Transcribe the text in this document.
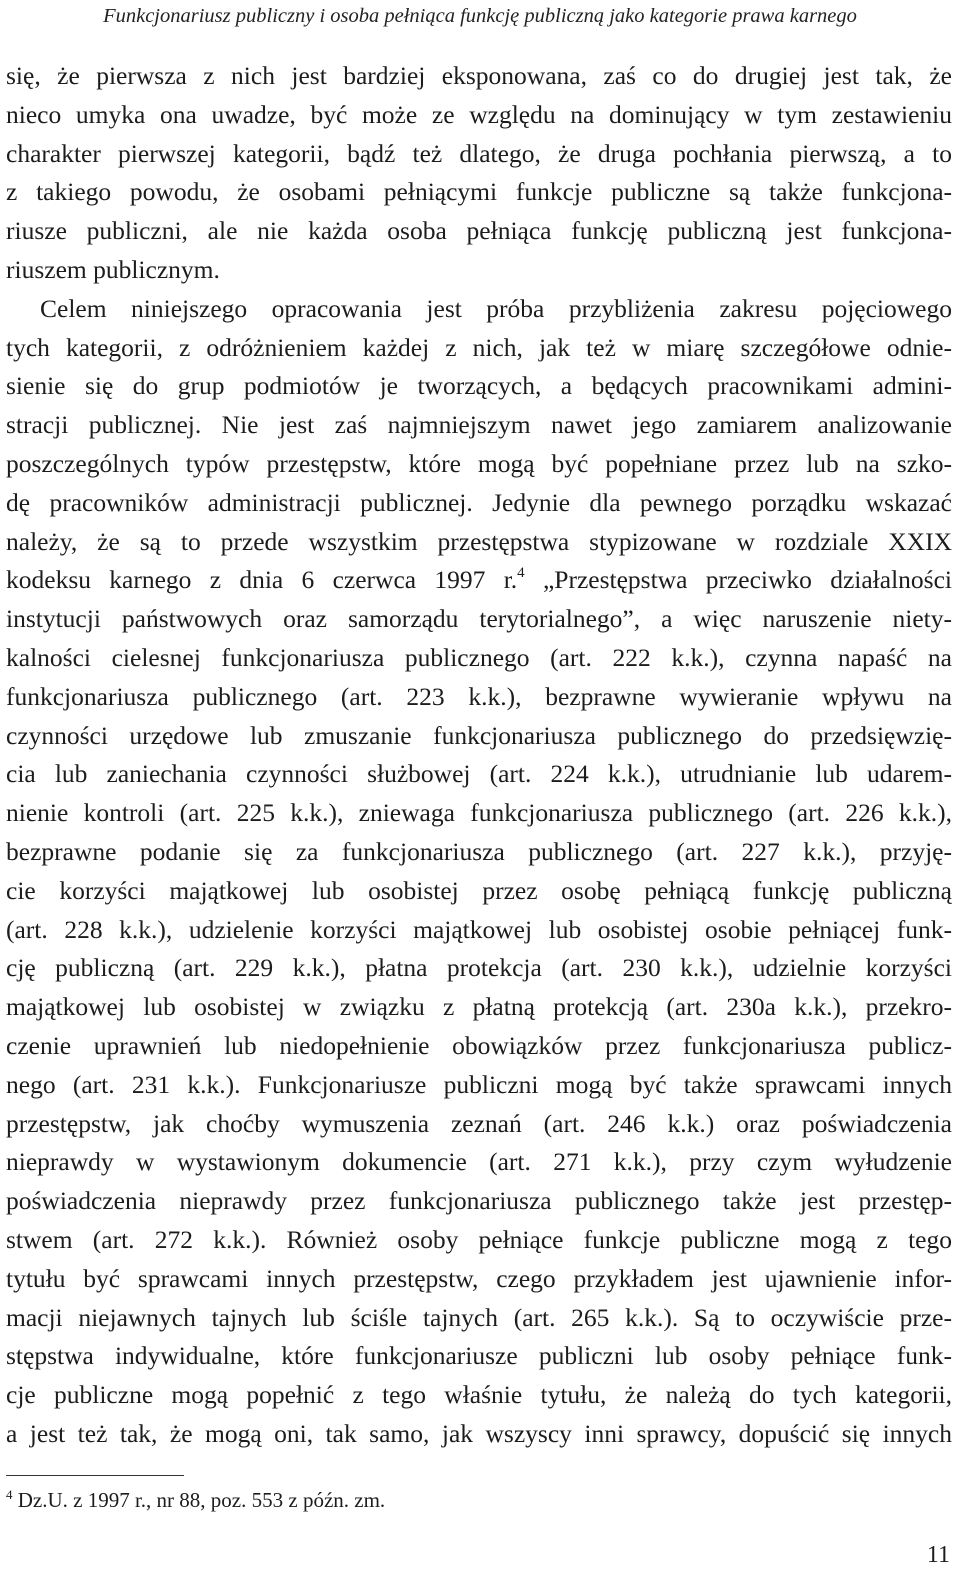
Funkcjonariusz publiczny i osoba pełniąca funkcję publiczną jako kategorie prawa karnego
się, że pierwsza z nich jest bardziej eksponowana, zaś co do drugiej jest tak, że
nieco umyka ona uwadze, być może ze względu na dominujący w tym zestawieniu
charakter pierwszej kategorii, bądź też dlatego, że druga pochłania pierwszą, a to
z takiego powodu, że osobami pełniącymi funkcje publiczne są także funkcjona-
riusze publiczni, ale nie każda osoba pełniąca funkcję publiczną jest funkcjona-
riuszem publicznym.
Celem niniejszego opracowania jest próba przybliżenia zakresu pojęciowego
tych kategorii, z odróżnieniem każdej z nich, jak też w miarę szczegółowe odnie-
sienie się do grup podmiotów je tworzących, a będących pracownikami admini-
stracji publicznej. Nie jest zaś najmniejszym nawet jego zamiarem analizowanie
poszczególnych typów przestępstw, które mogą być popełniane przez lub na szko-
dę pracowników administracji publicznej. Jedynie dla pewnego porządku wskazać
należy, że są to przede wszystkim przestępstwa stypizowane w rozdziale XXIX
kodeksu karnego z dnia 6 czerwca 1997 r.$^4$ „Przestępstwa przeciwko działalności
instytucji państwowych oraz samorządu terytorialnego”, a więc naruszenie niety-
kalności cielesnej funkcjonariusza publicznego (art. 222 k.k.), czynna napaść na
funkcjonariusza publicznego (art. 223 k.k.), bezprawne wywieranie wpływu na
czynności urzędowe lub zmuszanie funkcjonariusza publicznego do przedsięwzię-
cia lub zaniechania czynności służbowej (art. 224 k.k.), utrudnianie lub udarem-
nienie kontroli (art. 225 k.k.), zniewaga funkcjonariusza publicznego (art. 226 k.k.),
bezprawne podanie się za funkcjonariusza publicznego (art. 227 k.k.), przyję-
cie korzyści majątkowej lub osobistej przez osobę pełniącą funkcję publiczną
(art. 228 k.k.), udzielenie korzyści majątkowej lub osobistej osobie pełniącej funk-
cję publiczną (art. 229 k.k.), płatna protekcja (art. 230 k.k.), udzielnie korzyści
majątkowej lub osobistej w związku z płatną protekcją (art. 230a k.k.), przekro-
czenie uprawnień lub niedopełnienie obowiązków przez funkcjonariusza publicz-
nego (art. 231 k.k.). Funkcjonariusze publiczni mogą być także sprawcami innych
przestępstw, jak choćby wymuszenia zeznań (art. 246 k.k.) oraz poświadczenia
nieprawdy w wystawionym dokumencie (art. 271 k.k.), przy czym wyłudzenie
poświadczenia nieprawdy przez funkcjonariusza publicznego także jest przestęp-
stwem (art. 272 k.k.). Również osoby pełniące funkcje publiczne mogą z tego
tytułu być sprawcami innych przestępstw, czego przykładem jest ujawnienie infor-
macji niejawnych tajnych lub ściśle tajnych (art. 265 k.k.). Są to oczywiście prze-
stępstwa indywidualne, które funkcjonariusze publiczni lub osoby pełniące funk-
cje publiczne mogą popełnić z tego właśnie tytułu, że należą do tych kategorii,
a jest też tak, że mogą oni, tak samo, jak wszyscy inni sprawcy, dopuścić się innych
$^4$ Dz.U. z 1997 r., nr 88, poz. 553 z późn. zm.
11
